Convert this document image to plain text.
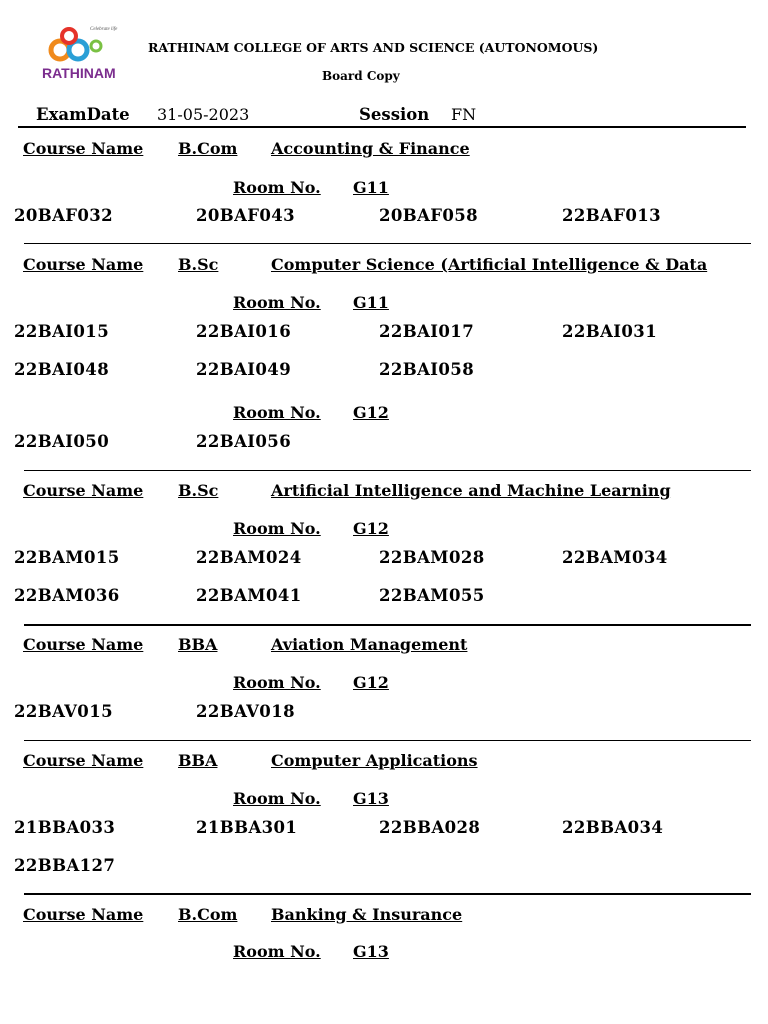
RATHINAM
Celebrate life
RATHINAM COLLEGE OF ARTS AND SCIENCE (AUTONOMOUS)
Board Copy
ExamDate 31-05-2023	Session FN
Course Name B.Com Accounting & Finance
Room No. G11
20BAF032	20BAF043	20BAF058	22BAF013
Course Name B.Sc	Computer Science (Artificial Intelligence & Data
Room No. G11
22BAI015	22BAI016	22BAI017	22BAI031
22BAI048	22BAI049	22BAI058
Room No. G12
22BAI050	22BAI056
Course Name B.Sc	Artificial Intelligence and Machine Learning
Room No. G12
22BAM015	22BAM024	22BAM028	22BAM034
22BAM036	22BAM041	22BAM055
Course Name BBA	Aviation Management
Room No. G12
22BAV015	22BAV018
Course Name BBA	Computer Applications
Room No. G13
21BBA033	21BBA301	22BBA028	22BBA034
22BBA127
Course Name B.Com Banking & Insurance
Room No. G13
